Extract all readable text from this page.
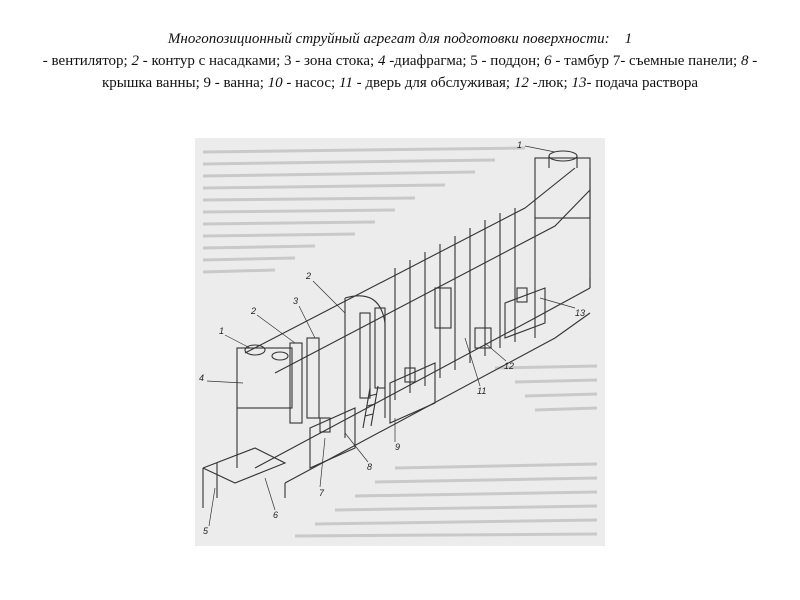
Многопозиционный струйный агрегат для подготовки поверхности: 1
- вентилятор; 2 - контур с насадками; 3 - зона стока; 4 -диафрагма; 5 - поддон; 6 - тамбур 7- съемные панели; 8 - крышка ванны; 9 - ванна; 10 - насос; 11 - дверь для обслуживая; 12 -люк; 13- подача раствора
1
1
2
2
3
4
5
6
7
8
9
11
12
13
